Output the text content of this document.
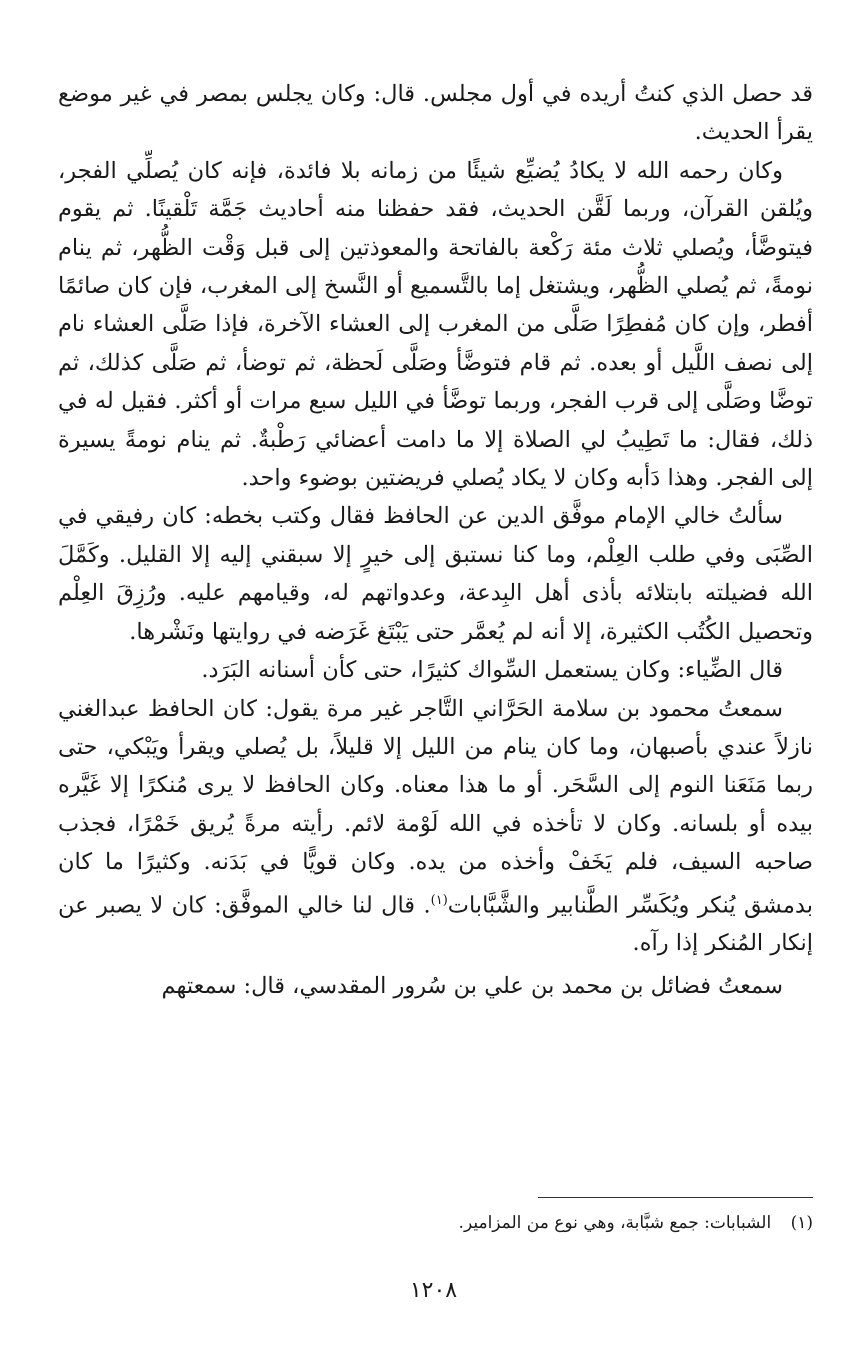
قد حصل الذي كنتُ أريده في أول مجلس. قال: وكان يجلس بمصر في غير موضع يقرأ الحديث.

وكان رحمه الله لا يكادُ يُضيِّع شيئًا من زمانه بلا فائدة، فإنه كان يُصلِّي الفجر، ويُلقن القرآن، وربما لَقَّن الحديث، فقد حفظنا منه أحاديث جَمَّة تَلْقينًا. ثم يقوم فيتوضَّأ، ويُصلي ثلاث مئة رَكْعة بالفاتحة والمعوذتين إلى قبل وَقْت الظُّهر، ثم ينام نومةً، ثم يُصلي الظُّهر، ويشتغل إما بالتَّسميع أو النَّسخ إلى المغرب، فإن كان صائمًا أفطر، وإن كان مُفطِرًا صَلَّى من المغرب إلى العشاء الآخرة، فإذا صَلَّى العشاء نام إلى نصف اللَّيل أو بعده. ثم قام فتوضَّأ وصَلَّى لَحظة، ثم توضأ، ثم صَلَّى كذلك، ثم توضَّا وصَلَّى إلى قرب الفجر، وربما توضَّأ في الليل سبع مرات أو أكثر. فقيل له في ذلك، فقال: ما تَطِيبُ لي الصلاة إلا ما دامت أعضائي رَطْبةٌ. ثم ينام نومةً يسيرة إلى الفجر. وهذا دَأبه وكان لا يكاد يُصلي فريضتين بوضوء واحد.

سألتُ خالي الإمام موفَّق الدين عن الحافظ فقال وكتب بخطه: كان رفيقي في الصِّبَى وفي طلب العِلْم، وما كنا نستبق إلى خيرٍ إلا سبقني إليه إلا القليل. وكَمَّلَ الله فضيلته بابتلائه بأذى أهل البِدعة، وعدواتهم له، وقيامهم عليه. ورُزِقَ العِلْم وتحصيل الكُتُب الكثيرة، إلا أنه لم يُعمَّر حتى يَبْتَغ غَرَضه في روايتها ونَشْرها.

قال الضِّياء: وكان يستعمل السِّواك كثيرًا، حتى كأن أسنانه البَرَد.

سمعتُ محمود بن سلامة الحَرَّاني التَّاجر غير مرة يقول: كان الحافظ عبدالغني نازلاً عندي بأصبهان، وما كان ينام من الليل إلا قليلاً، بل يُصلي ويقرأ ويَبْكي، حتى ربما مَنَعَنا النوم إلى السَّحَر. أو ما هذا معناه. وكان الحافظ لا يرى مُنكرًا إلا غَيَّره بيده أو بلسانه. وكان لا تأخذه في الله لَوْمة لائم. رأيته مرةً يُريق خَمْرًا، فجذب صاحبه السيف، فلم يَخَفْ وأخذه من يده. وكان قويًّا في بَدَنه. وكثيرًا ما كان بدمشق يُنكر ويُكَسِّر الطَّنابير والشَّبَّابات$^{(١)}$. قال لنا خالي الموفَّق: كان لا يصبر عن إنكار المُنكر إذا رآه.

سمعتُ فضائل بن محمد بن علي بن سُرور المقدسي، قال: سمعتهم

(١) الشبابات: جمع شبَّابة، وهي نوع من المزامير.
١٢٠٨
